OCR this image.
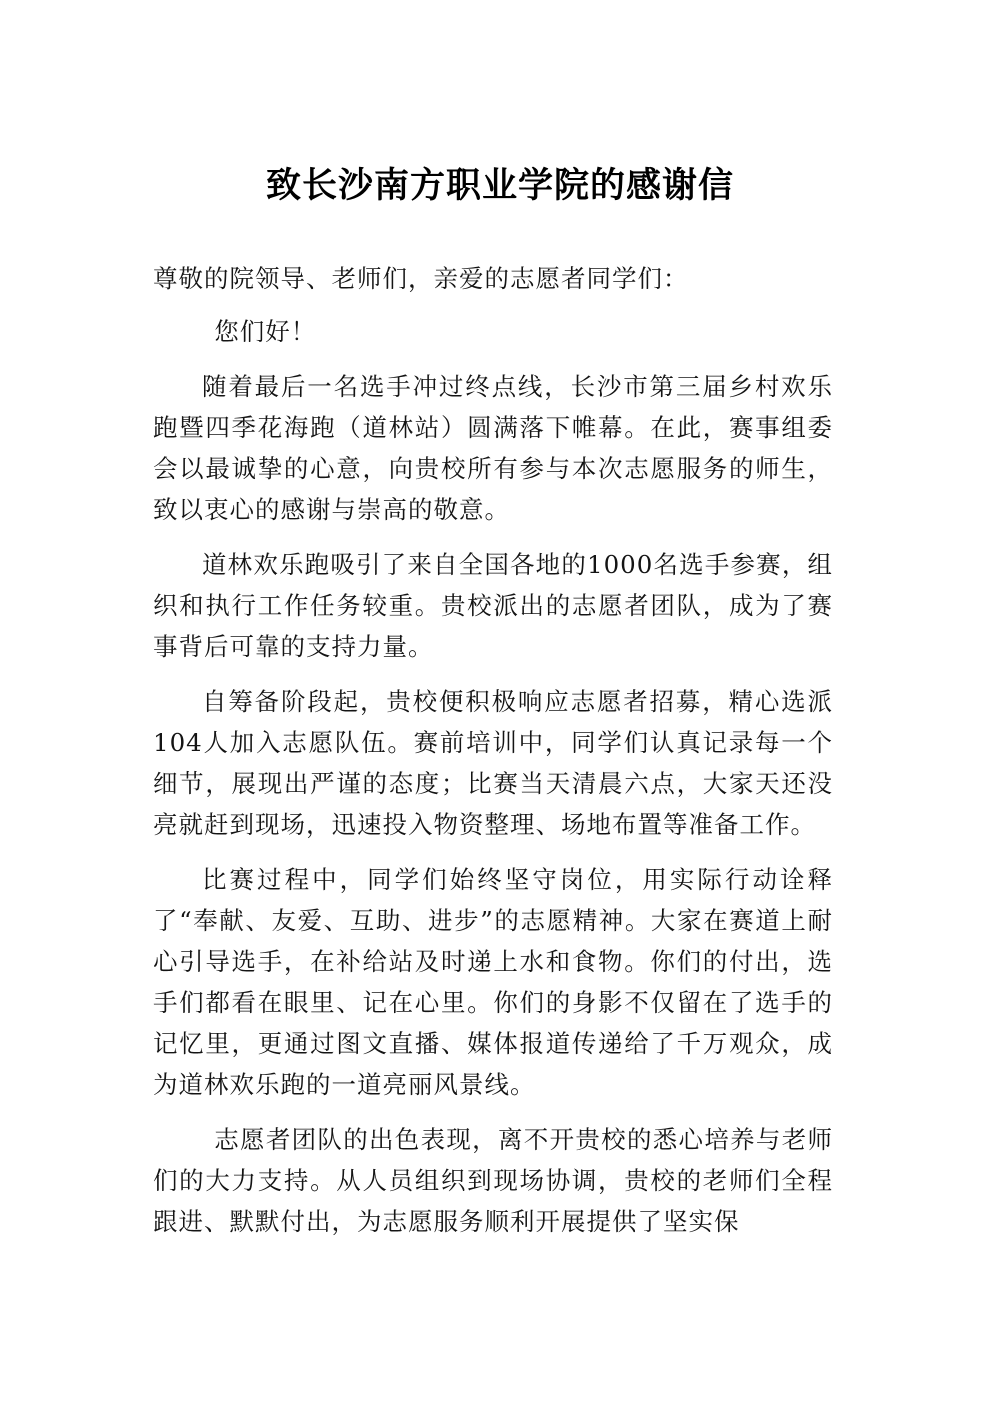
致长沙南方职业学院的感谢信

尊敬的院领导、老师们，亲爱的志愿者同学们：

您们好！

随着最后一名选手冲过终点线，长沙市第三届乡村欢乐跑暨四季花海跑（道林站）圆满落下帷幕。在此，赛事组委会以最诚挚的心意，向贵校所有参与本次志愿服务的师生，致以衷心的感谢与崇高的敬意。

道林欢乐跑吸引了来自全国各地的1000名选手参赛，组织和执行工作任务较重。贵校派出的志愿者团队，成为了赛事背后可靠的支持力量。

自筹备阶段起，贵校便积极响应志愿者招募，精心选派104人加入志愿队伍。赛前培训中，同学们认真记录每一个细节，展现出严谨的态度；比赛当天清晨六点，大家天还没亮就赶到现场，迅速投入物资整理、场地布置等准备工作。

比赛过程中，同学们始终坚守岗位，用实际行动诠释了“奉献、友爱、互助、进步”的志愿精神。大家在赛道上耐心引导选手，在补给站及时递上水和食物。你们的付出，选手们都看在眼里、记在心里。你们的身影不仅留在了选手的记忆里，更通过图文直播、媒体报道传递给了千万观众，成为道林欢乐跑的一道亮丽风景线。

志愿者团队的出色表现，离不开贵校的悉心培养与老师们的大力支持。从人员组织到现场协调，贵校的老师们全程跟进、默默付出，为志愿服务顺利开展提供了坚实保
